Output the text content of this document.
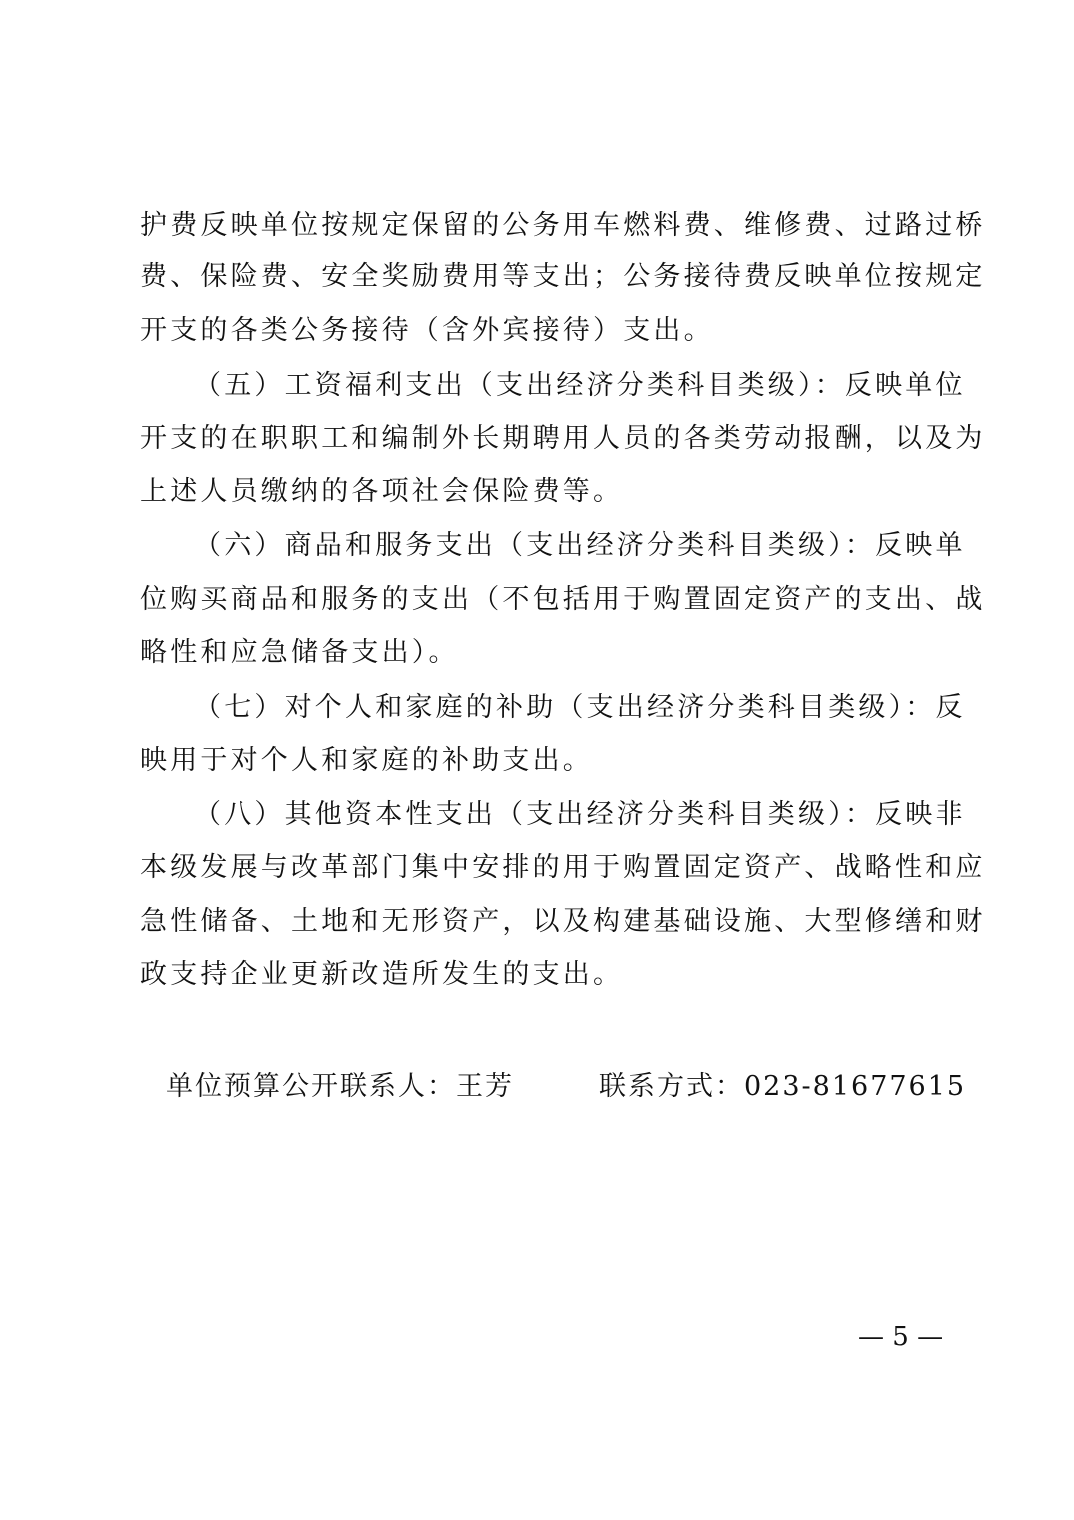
护费反映单位按规定保留的公务用车燃料费、维修费、过路过桥
费、保险费、安全奖励费用等支出；公务接待费反映单位按规定
开支的各类公务接待（含外宾接待）支出。
（五）工资福利支出（支出经济分类科目类级）：反映单位
开支的在职职工和编制外长期聘用人员的各类劳动报酬，以及为
上述人员缴纳的各项社会保险费等。
（六）商品和服务支出（支出经济分类科目类级）：反映单
位购买商品和服务的支出（不包括用于购置固定资产的支出、战
略性和应急储备支出）。
（七）对个人和家庭的补助（支出经济分类科目类级）：反
映用于对个人和家庭的补助支出。
（八）其他资本性支出（支出经济分类科目类级）：反映非
本级发展与改革部门集中安排的用于购置固定资产、战略性和应
急性储备、土地和无形资产，以及构建基础设施、大型修缮和财
政支持企业更新改造所发生的支出。
单位预算公开联系人：王芳	联系方式：023-81677615
— 5 —
